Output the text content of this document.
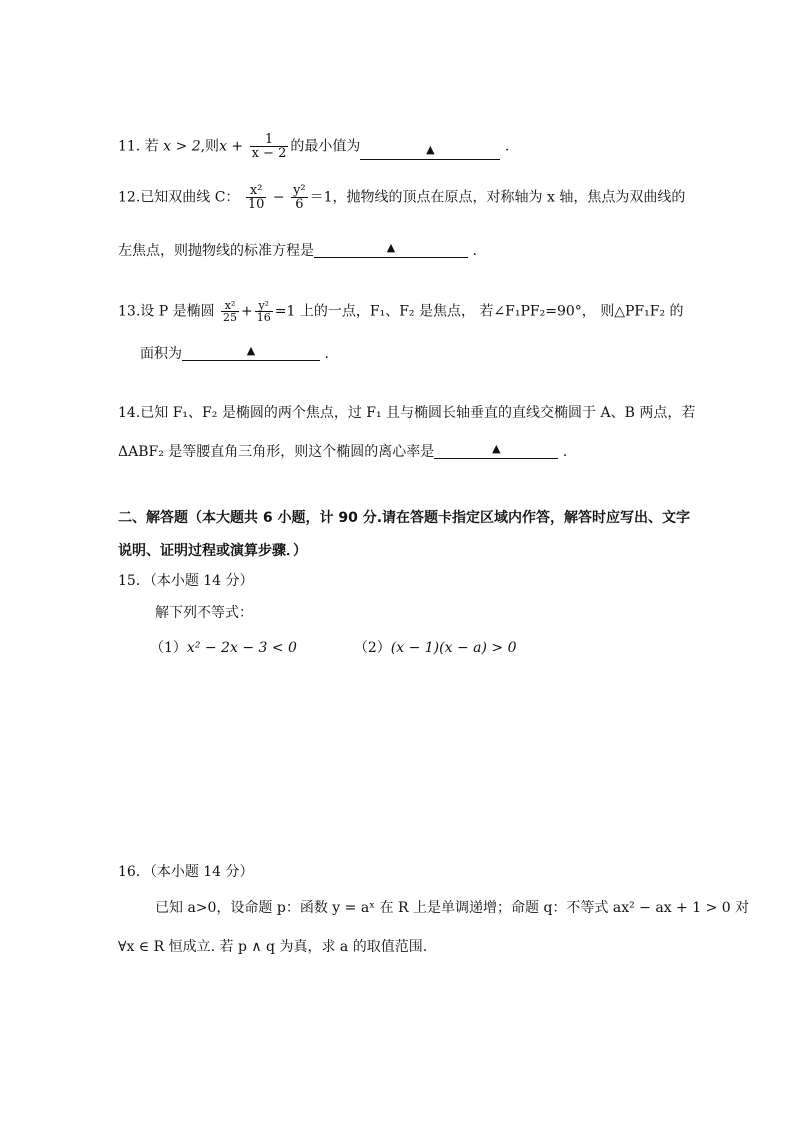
11. 若 x > 2,则$x + \frac{1}{x - 2}$ 的最小值为	▲	.
12.已知双曲线 C： $\frac{\text{x²}}{10} - \frac{\text{y²}}{6} =1$，抛物线的顶点在原点，对称轴为 x 轴，焦点为双曲线的
左焦点，则抛物线的标准方程是	▲	.
13.设 P 是椭圆 $\frac{\text{x²}}{25} + \frac{\text{y²}}{16} =1$ 上的一点，F₁、F₂ 是焦点， 若∠F₁PF₂=90°， 则△PF₁F₂ 的
面积为	▲	.
14.已知 F₁、F₂ 是椭圆的两个焦点，过 F₁ 且与椭圆长轴垂直的直线交椭圆于 A、B 两点，若
ΔABF₂ 是等腰直角三角形，则这个椭圆的离心率是	▲	.
二、解答题（本大题共 6 小题，计 90 分.请在答题卡指定区域内作答，解答时应写出、文字
说明、证明过程或演算步骤．）
15．（本小题 14 分）
解下列不等式：
（1）x² − 2x − 3 < 0	（2）(x − 1)(x − a) > 0
16．（本小题 14 分）
已知 a>0，设命题 p：函数 y = aˣ 在 R 上是单调递增；命题 q：不等式 ax² − ax + 1 > 0 对
∀x ∈ R 恒成立. 若 p ∧ q 为真，求 a 的取值范围.
